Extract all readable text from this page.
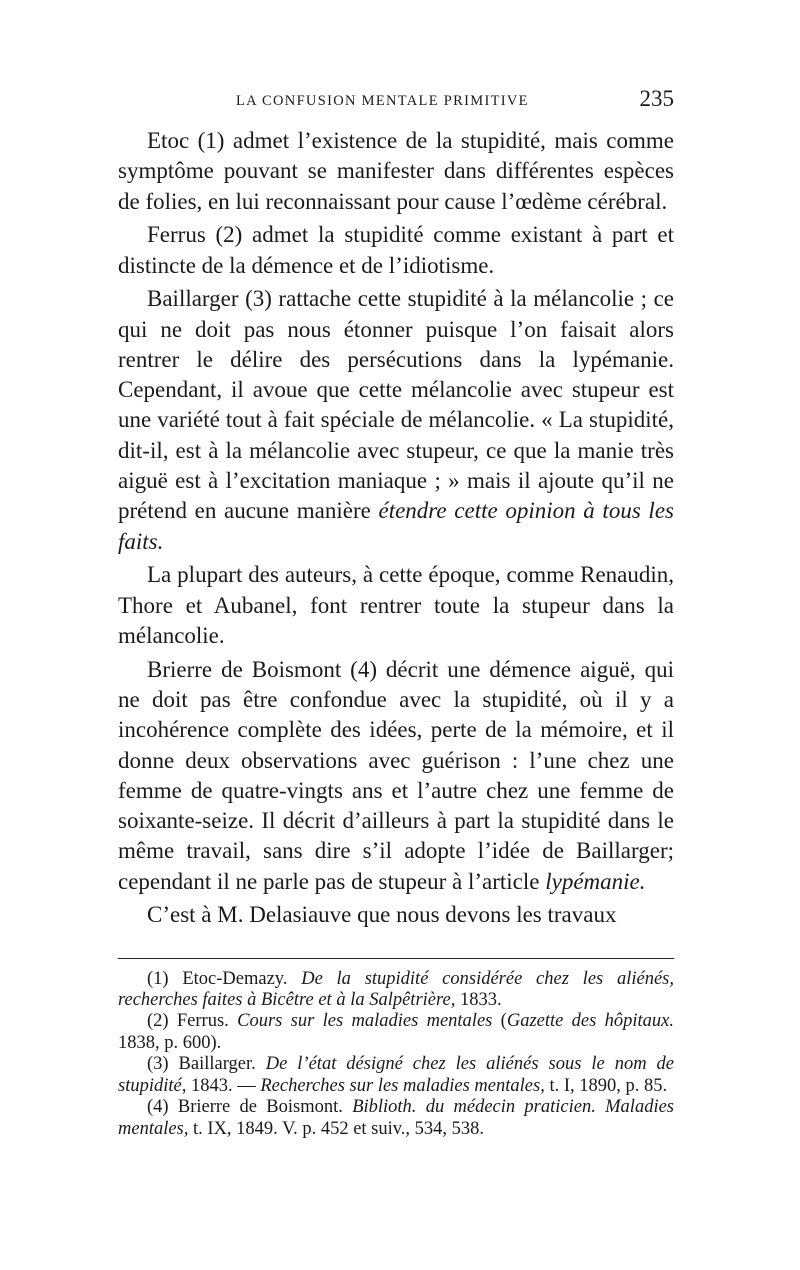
LA CONFUSION MENTALE PRIMITIVE	235

Etoc (1) admet l’existence de la stupidité, mais comme symptôme pouvant se manifester dans différentes espèces de folies, en lui reconnaissant pour cause l’œdème cérébral.

Ferrus (2) admet la stupidité comme existant à part et distincte de la démence et de l’idiotisme.

Baillarger (3) rattache cette stupidité à la mélancolie ; ce qui ne doit pas nous étonner puisque l’on faisait alors rentrer le délire des persécutions dans la lypémanie. Cependant, il avoue que cette mélancolie avec stupeur est une variété tout à fait spéciale de mélancolie. « La stupidité, dit-il, est à la mélancolie avec stupeur, ce que la manie très aiguë est à l’excitation maniaque ; » mais il ajoute qu’il ne prétend en aucune manière étendre cette opinion à tous les faits.

La plupart des auteurs, à cette époque, comme Renaudin, Thore et Aubanel, font rentrer toute la stupeur dans la mélancolie.

Brierre de Boismont (4) décrit une démence aiguë, qui ne doit pas être confondue avec la stupidité, où il y a incohérence complète des idées, perte de la mémoire, et il donne deux observations avec guérison : l’une chez une femme de quatre-vingts ans et l’autre chez une femme de soixante-seize. Il décrit d’ailleurs à part la stupidité dans le même travail, sans dire s’il adopte l’idée de Baillarger; cependant il ne parle pas de stupeur à l’article lypémanie.

C’est à M. Delasiauve que nous devons les travaux

(1) Etoc-Demazy. De la stupidité considérée chez les aliénés, recherches faites à Bicêtre et à la Salpêtrière, 1833.

(2) Ferrus. Cours sur les maladies mentales (Gazette des hôpitaux. 1838, p. 600).

(3) Baillarger. De l’état désigné chez les aliénés sous le nom de stupidité, 1843. — Recherches sur les maladies mentales, t. I, 1890, p. 85.

(4) Brierre de Boismont. Biblioth. du médecin praticien. Maladies mentales, t. IX, 1849. V. p. 452 et suiv., 534, 538.
